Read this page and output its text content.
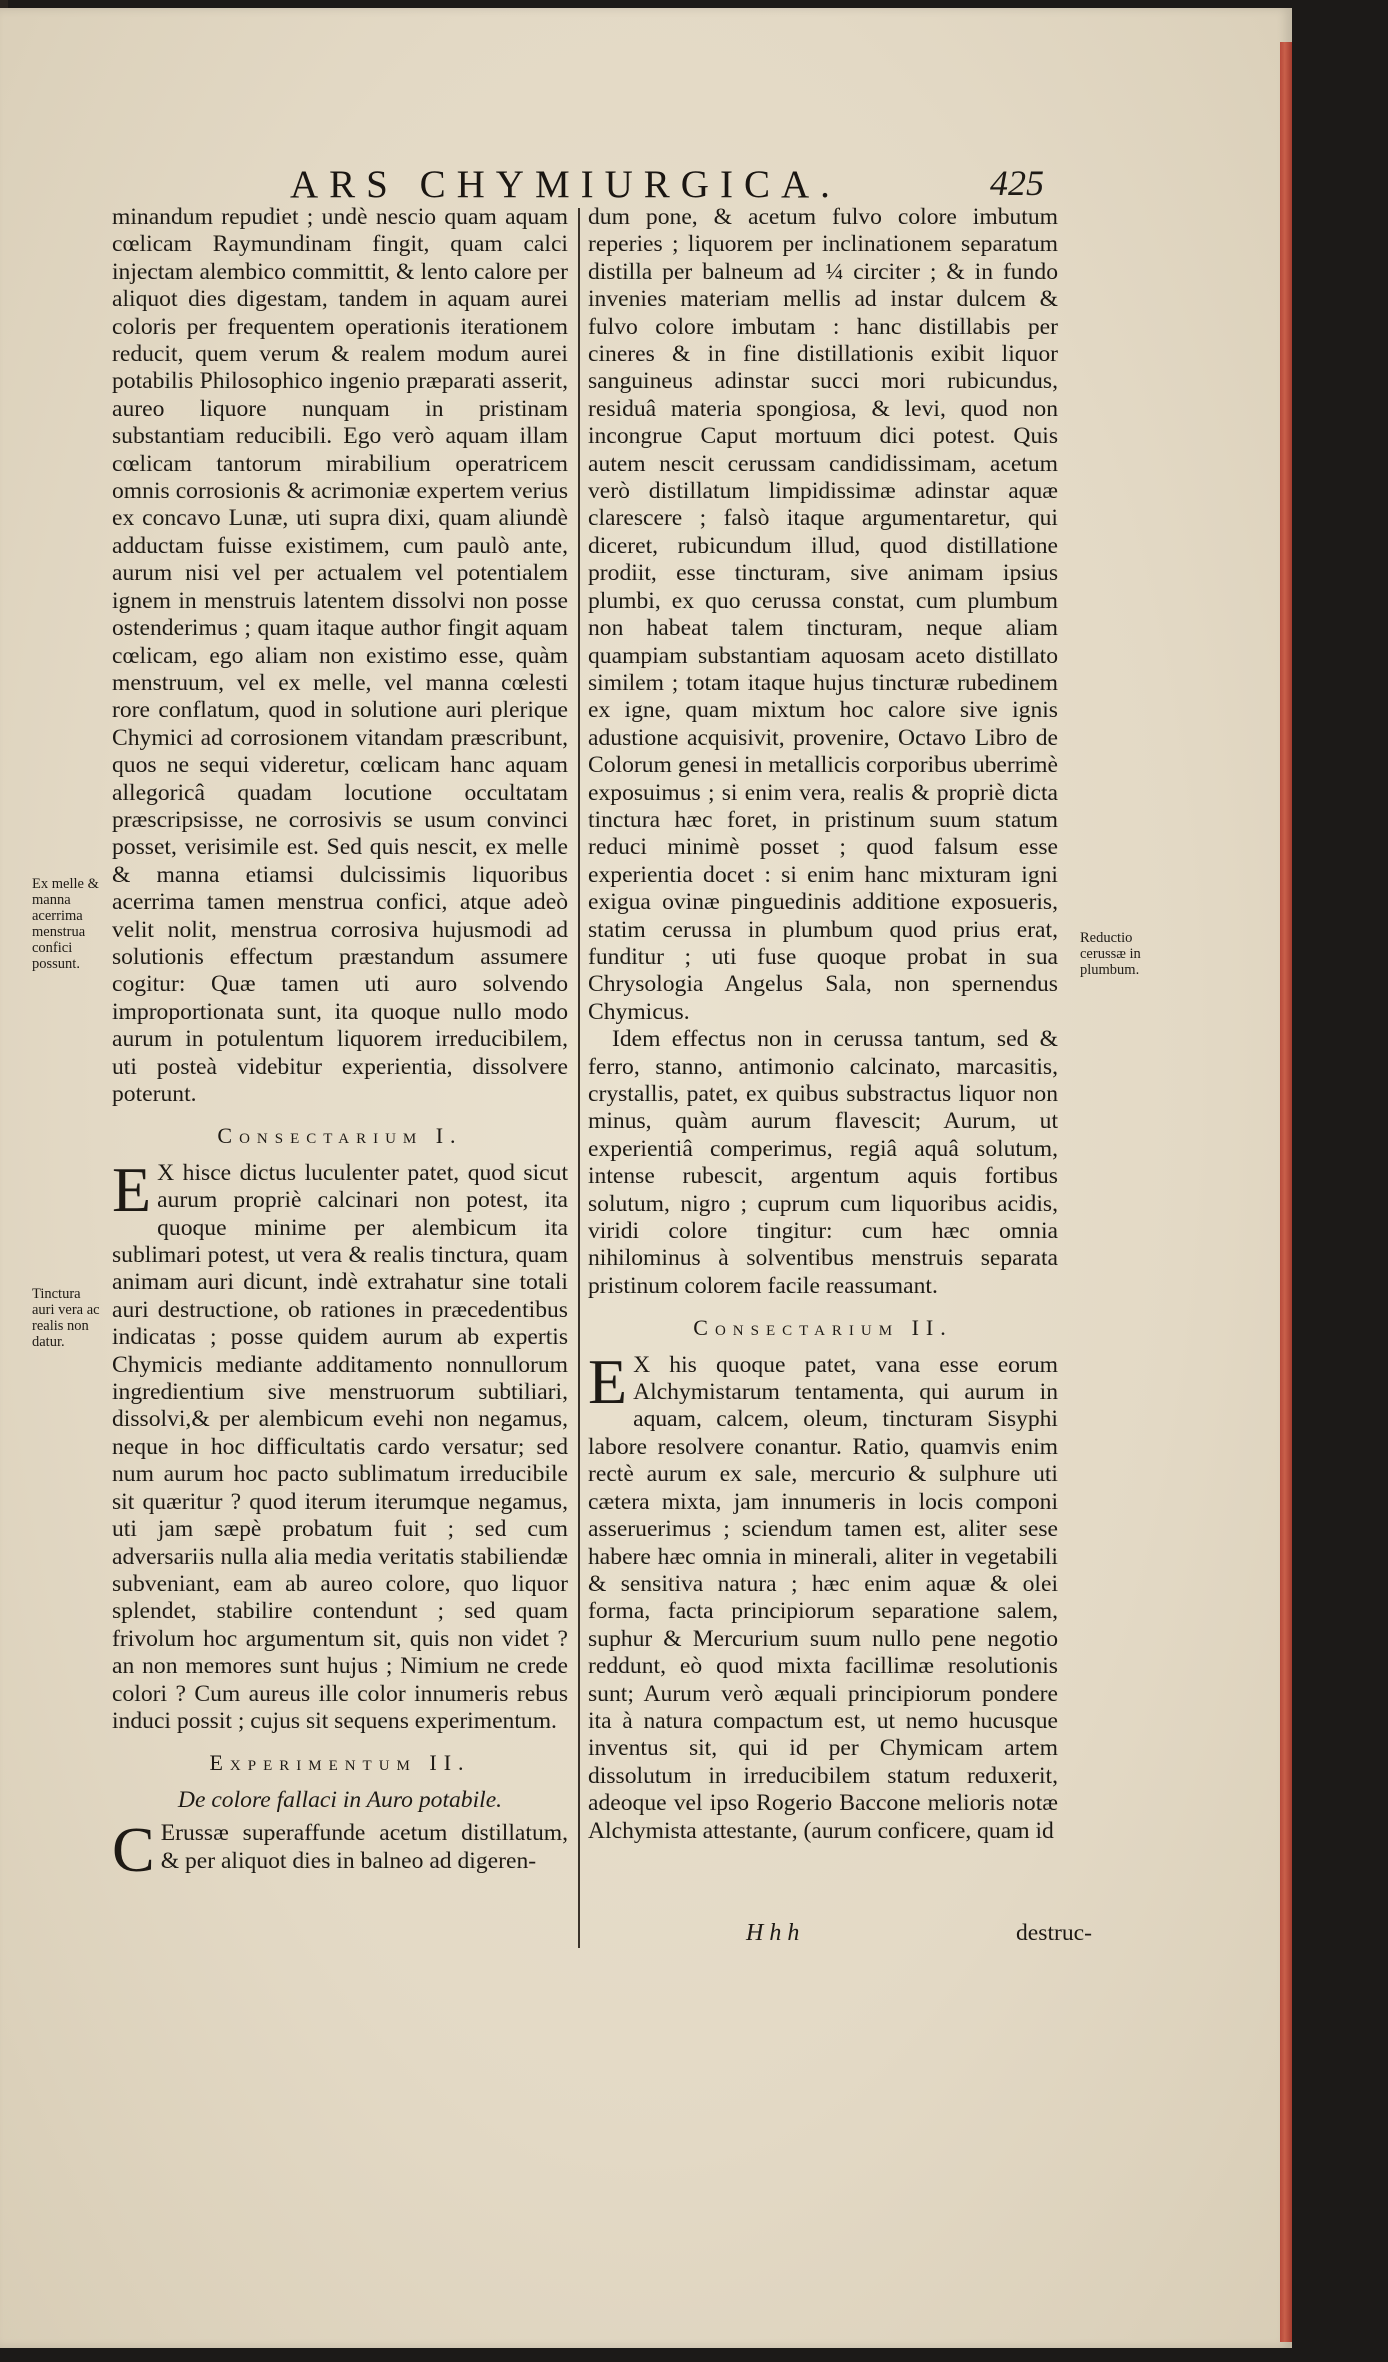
ARS CHYMIURGICA.	425

minandum repudiet ; undè nescio quam aquam cœlicam Raymundinam fingit, quam calci injectam alembico committit, & lento calore per aliquot dies digestam, tandem in aquam aurei coloris per frequentem operationis iterationem reducit, quem verum & realem modum aurei potabilis Philosophico ingenio præparati asserit, aureo liquore nunquam in pristinam substantiam reducibili. Ego verò aquam illam cœlicam tantorum mirabilium operatricem omnis corrosionis & acrimoniæ expertem verius ex concavo Lunæ, uti supra dixi, quam aliundè adductam fuisse existimem, cum paulò ante, aurum nisi vel per actualem vel potentialem ignem in menstruis latentem dissolvi non posse ostenderimus ; quam itaque author fingit aquam cœlicam, ego aliam non existimo esse, quàm menstruum, vel ex melle, vel manna cœlesti rore conflatum, quod in solutione auri plerique Chymici ad corrosionem vitandam præscribunt, quos ne sequi videretur, cœlicam hanc aquam allegoricâ quadam locutione occultatam præscripsisse, ne corrosivis se usum convinci posset, verisimile est. Sed quis nescit, ex melle & manna etiamsi dulcissimis liquoribus acerrima tamen menstrua confici, atque adeò velit nolit, menstrua corrosiva hujusmodi ad solutionis effectum præstandum assumere cogitur: Quæ tamen uti auro solvendo improportionata sunt, ita quoque nullo modo aurum in potulentum liquorem irreducibilem, uti posteà videbitur experientia, dissolvere poterunt.

Consectarium I.

E X hisce dictus luculenter patet, quod sicut aurum propriè calcinari non potest, ita quoque minime per alembicum ita sublimari potest, ut vera & realis tinctura, quam animam auri dicunt, indè extrahatur sine totali auri destructione, ob rationes in præcedentibus indicatas ; posse quidem aurum ab expertis Chymicis mediante additamento nonnullorum ingredientium sive menstruorum subtiliari, dissolvi,& per alembicum evehi non negamus, neque in hoc difficultatis cardo versatur; sed num aurum hoc pacto sublimatum irreducibile sit quæritur ? quod iterum iterumque negamus, uti jam sæpè probatum fuit ; sed cum adversariis nulla alia media veritatis stabiliendæ subveniant, eam ab aureo colore, quo liquor splendet, stabilire contendunt ; sed quam frivolum hoc argumentum sit, quis non videt ? an non memores sunt hujus ; Nimium ne crede colori ? Cum aureus ille color innumeris rebus induci possit ; cujus sit sequens experimentum.

Experimentum II.
De colore fallaci in Auro potabile.

C Erussæ superaffunde acetum distillatum, & per aliquot dies in balneo ad digeren-

dum pone, & acetum fulvo colore imbutum reperies ; liquorem per inclinationem separatum distilla per balneum ad ¼ circiter ; & in fundo invenies materiam mellis ad instar dulcem & fulvo colore imbutam : hanc distillabis per cineres & in fine distillationis exibit liquor sanguineus adinstar succi mori rubicundus, residuâ materia spongiosa, & levi, quod non incongrue Caput mortuum dici potest. Quis autem nescit cerussam candidissimam, acetum verò distillatum limpidissimæ adinstar aquæ clarescere ; falsò itaque argumentaretur, qui diceret, rubicundum illud, quod distillatione prodiit, esse tincturam, sive animam ipsius plumbi, ex quo cerussa constat, cum plumbum non habeat talem tincturam, neque aliam quampiam substantiam aquosam aceto distillato similem ; totam itaque hujus tincturæ rubedinem ex igne, quam mixtum hoc calore sive ignis adustione acquisivit, provenire, Octavo Libro de Colorum genesi in metallicis corporibus uberrimè exposuimus ; si enim vera, realis & propriè dicta tinctura hæc foret, in pristinum suum statum reduci minimè posset ; quod falsum esse experientia docet : si enim hanc mixturam igni exigua ovinæ pinguedinis additione exposueris, statim cerussa in plumbum quod prius erat, funditur ; uti fuse quoque probat in sua Chrysologia Angelus Sala, non spernendus Chymicus.

Idem effectus non in cerussa tantum, sed & ferro, stanno, antimonio calcinato, marcasitis, crystallis, patet, ex quibus substractus liquor non minus, quàm aurum flavescit; Aurum, ut experientiâ comperimus, regiâ aquâ solutum, intense rubescit, argentum aquis fortibus solutum, nigro ; cuprum cum liquoribus acidis, viridi colore tingitur: cum hæc omnia nihilominus à solventibus menstruis separata pristinum colorem facile reassumant.

Consectarium II.

E X his quoque patet, vana esse eorum Alchymistarum tentamenta, qui aurum in aquam, calcem, oleum, tincturam Sisyphi labore resolvere conantur. Ratio, quamvis enim rectè aurum ex sale, mercurio & sulphure uti cætera mixta, jam innumeris in locis componi asseruerimus ; sciendum tamen est, aliter sese habere hæc omnia in minerali, aliter in vegetabili & sensitiva natura ; hæc enim aquæ & olei forma, facta principiorum separatione salem, suphur & Mercurium suum nullo pene negotio reddunt, eò quod mixta facillimæ resolutionis sunt; Aurum verò æquali principiorum pondere ita à natura compactum est, ut nemo hucusque inventus sit, qui id per Chymicam artem dissolutum in irreducibilem statum reduxerit, adeoque vel ipso Rogerio Baccone melioris notæ Alchymista attestante, (aurum conficere, quam id

Ex melle & manna acerrima menstrua confici possunt.
Tinctura auri vera ac realis non datur.
Reductio cerussæ in plumbum.
Hhh	destruc-
